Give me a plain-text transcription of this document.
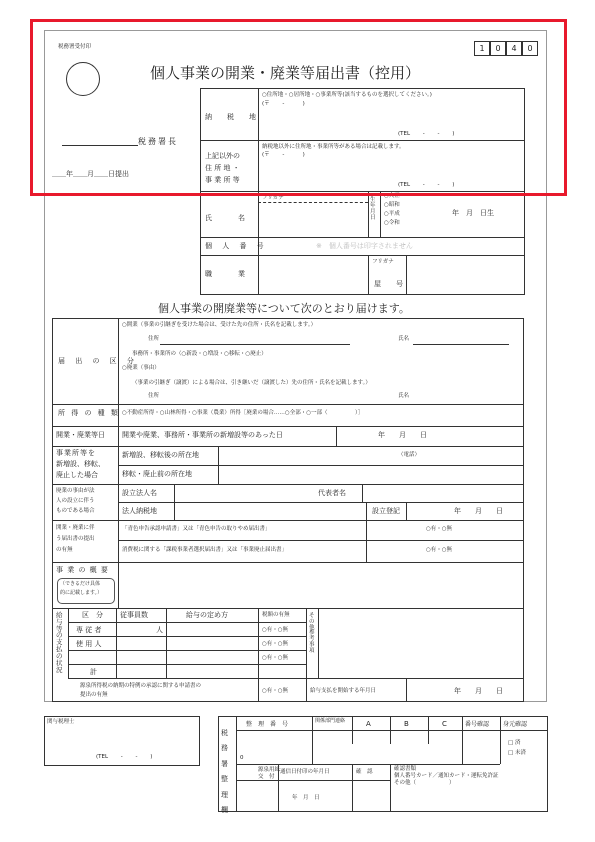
税務署受付印	1	0	4	0
個人事業の開業・廃業等届出書（控用）
税務署長
＿＿年＿＿月＿＿日提出
納　税　地
○住所地・○居所地・○事業所等(該当するものを選択してください。)
(〒　　 ‐　　　 )
(TEL　　 ‐　　 ‐　　 )
上記以外の
住 所 地 ・
事 業 所 等
納税地以外に住所地・事業所等がある場合は記載します。
(〒　　 ‐　　　 )
(TEL　　 ‐　　 ‐　　 )
フリガナ
氏　　名
生年月日
○大正
○昭和
○平成
○令和
年　月　日生
個 人 番 号	※　個人番号は印字されません
職　　業
フリガナ
屋　号
個人事業の開廃業等について次のとおり届けます。
届 出 の 区 分
○開業（事業の引継ぎを受けた場合は、受けた先の住所・氏名を記載します。）
住所	氏名
事務所・事業所の（○新設・○増設・○移転・○廃止）
○廃業（事由）
（事業の引継ぎ（譲渡）による場合は、引き継いだ（譲渡した）先の住所・氏名を記載します。）
住所	氏名
所 得 の 種 類 ○不動産所得・○山林所得・○事業（農業）所得［廃業の場合……○全部・○一部（　　　　　）］
開業・廃業等日 開業や廃業、事務所・事業所の新増設等のあった日	年　　月　　日
事業所等を
新増設、移転、
廃止した場合
新増設、移転後の所在地	（電話）
移転・廃止前の所在地
廃業の事由が法
人の設立に伴う
ものである場合
設立法人名	代表者名
法人納税地	設立登記	年　　月　　日
開業・廃業に伴
う届出書の提出
の有無
「青色申告承認申請書」又は「青色申告の取りやめ届出書」	○有・○無
消費税に関する「課税事業者選択届出書」又は「事業廃止届出書」	○有・○無
事 業 の 概 要
（できるだけ具体
的に記載します。）
給与等の支払の状況
区　分 従事員数	給与の定め方	税額の有無	その他参考事項
専 従 者	人	○有・○無
使 用 人	○有・○無
○有・○無
計
源泉所得税の納期の特例の承認に関する申請書の
提出の有無
○有・○無	給与支払を開始する年月日	年　　月　　日
関与税理士
(TEL　　 ‐　　 ‐　　 )
税務署整理欄
整　理　番　号	関係部門連絡	A	B	C	番号確認 身元確認
□ 済
□ 未済
0
源泉用紙
交　付
通信日付印の年月日	確　認	確認書類
個人番号カード／通知カード・運転免許証
その他（　　　　　　）
年　月　日
